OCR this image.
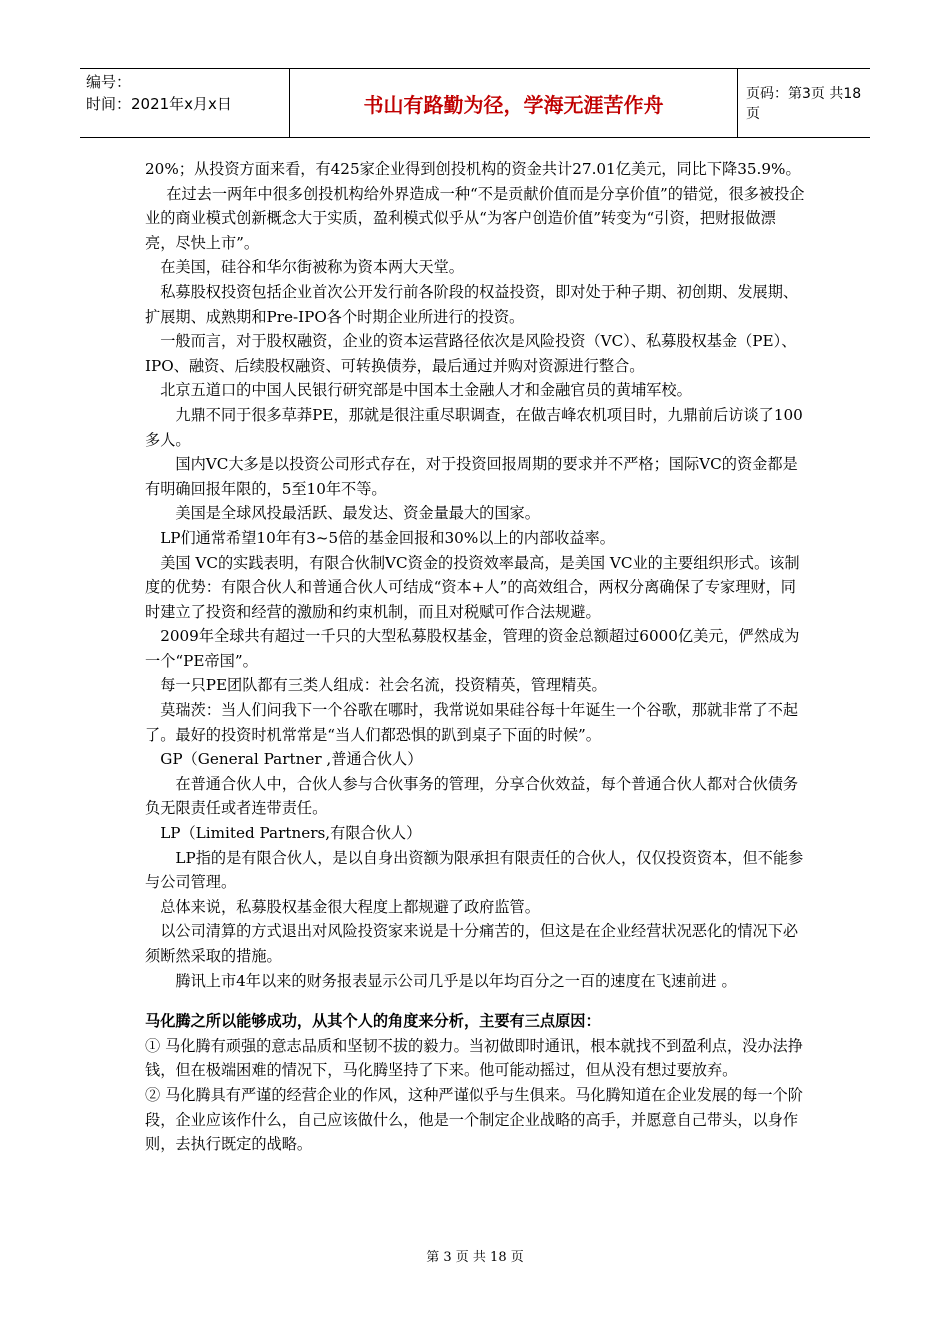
编号：
时间：2021年x月x日	书山有路勤为径，学海无涯苦作舟	页码：第3页 共18页

20%；从投资方面来看，有425家企业得到创投机构的资金共计27.01亿美元，同比下降35.9%。

在过去一两年中很多创投机构给外界造成一种“不是贡献价值而是分享价值”的错觉，很多被投企业的商业模式创新概念大于实质，盈利模式似乎从“为客户创造价值”转变为“引资，把财报做漂亮，尽快上市”。

在美国，硅谷和华尔街被称为资本两大天堂。

私募股权投资包括企业首次公开发行前各阶段的权益投资，即对处于种子期、初创期、发展期、扩展期、成熟期和Pre-IPO各个时期企业所进行的投资。

一般而言，对于股权融资，企业的资本运营路径依次是风险投资（VC）、私募股权基金（PE）、IPO、融资、后续股权融资、可转换债券，最后通过并购对资源进行整合。

北京五道口的中国人民银行研究部是中国本土金融人才和金融官员的黄埔军校。

九鼎不同于很多草莽PE，那就是很注重尽职调查，在做吉峰农机项目时，九鼎前后访谈了100多人。

国内VC大多是以投资公司形式存在，对于投资回报周期的要求并不严格；国际VC的资金都是有明确回报年限的，5至10年不等。

美国是全球风投最活跃、最发达、资金量最大的国家。

LP们通常希望10年有3~5倍的基金回报和30%以上的内部收益率。

美国 VC的实践表明，有限合伙制VC资金的投资效率最高，是美国 VC业的主要组织形式。该制度的优势：有限合伙人和普通合伙人可结成“资本+人”的高效组合，两权分离确保了专家理财，同时建立了投资和经营的激励和约束机制，而且对税赋可作合法规避。

2009年全球共有超过一千只的大型私募股权基金，管理的资金总额超过6000亿美元，俨然成为一个“PE帝国”。

每一只PE团队都有三类人组成：社会名流，投资精英，管理精英。

莫瑞茨：当人们问我下一个谷歌在哪时，我常说如果硅谷每十年诞生一个谷歌，那就非常了不起了。最好的投资时机常常是“当人们都恐惧的趴到桌子下面的时候”。

GP（General Partner ,普通合伙人）

在普通合伙人中，合伙人参与合伙事务的管理，分享合伙效益，每个普通合伙人都对合伙债务负无限责任或者连带责任。

LP（Limited Partners,有限合伙人）

LP指的是有限合伙人，是以自身出资额为限承担有限责任的合伙人，仅仅投资资本，但不能参与公司管理。

总体来说，私募股权基金很大程度上都规避了政府监管。

以公司清算的方式退出对风险投资家来说是十分痛苦的，但这是在企业经营状况恶化的情况下必须断然采取的措施。

腾讯上市4年以来的财务报表显示公司几乎是以年均百分之一百的速度在飞速前进 。

马化腾之所以能够成功，从其个人的角度来分析，主要有三点原因：

① 马化腾有顽强的意志品质和坚韧不拔的毅力。当初做即时通讯，根本就找不到盈利点，没办法挣钱，但在极端困难的情况下，马化腾坚持了下来。他可能动摇过，但从没有想过要放弃。

② 马化腾具有严谨的经营企业的作风，这种严谨似乎与生俱来。马化腾知道在企业发展的每一个阶段，企业应该作什么，自己应该做什么，他是一个制定企业战略的高手，并愿意自己带头，以身作则，去执行既定的战略。

第 3 页 共 18 页
